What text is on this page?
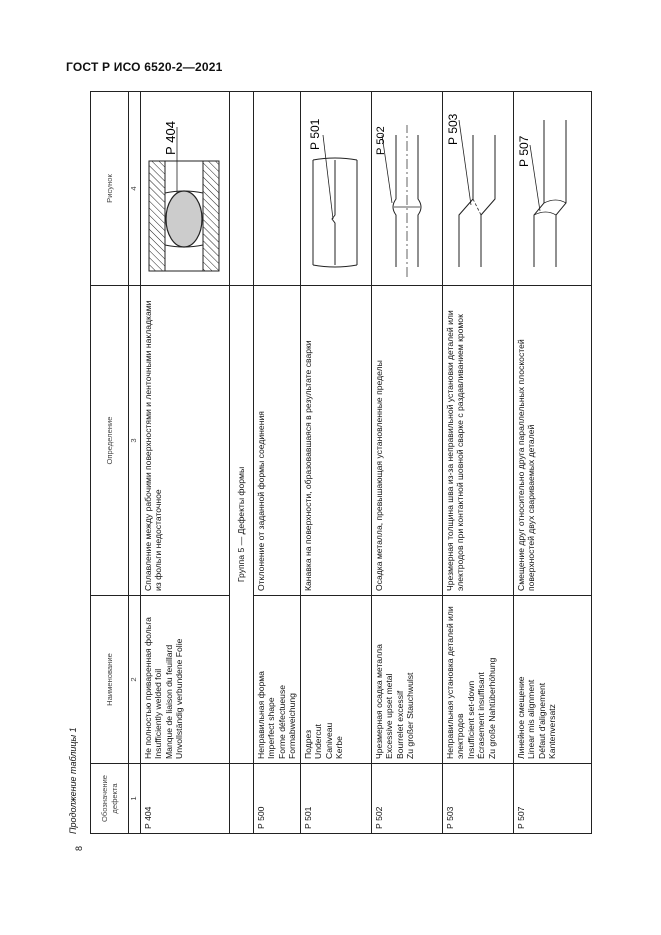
ГОСТ Р ИСО 6520-2—2021
8
Продолжение таблицы 1	Обозначение дефекта	Наименование	Определение	Рисунок
1	2	3	4
Р 404	Не полностью приваренная фольга Insufficiently welded foil Manque de liaison du feuillard Unvollständig verbundene Folie	Сплавление между рабочими поверхностями и ленточными накладками из фольги недостаточное	Р 404

	Группа 5 — Дефекты формы		
Р 500	Неправильная форма Imperfect shape Forme défectueuse Formabweichung	Отклонение от заданной формы соединения	
Р 501	Подрез Undercut Caniveau Kerbe	Канавка на поверхности, образовавшаяся в результате сварки	Р 501

Р 502	Чрезмерная осадка металла Excessive upset metal Bourrelet excessif Zu großer Stauchwulst	Осадка металла, превышающая установленные пределы	Р 502

Р 503	Неправильная установка деталей или электродов Insufficient set-down Écrasement insuffisant Zu große Nahtüberhöhung	Чрезмерная толщина шва из-за неправильной установки деталей или электродов при контактной шовной сварке с раздавливанием кромок	Р 503

Р 507	Линейное смещение Linear mis alignment Défaut d'alignement Kantenversatz	Смещение друг относительно друга параллельных плоскостей поверхностей двух свариваемых деталей	Р 507
